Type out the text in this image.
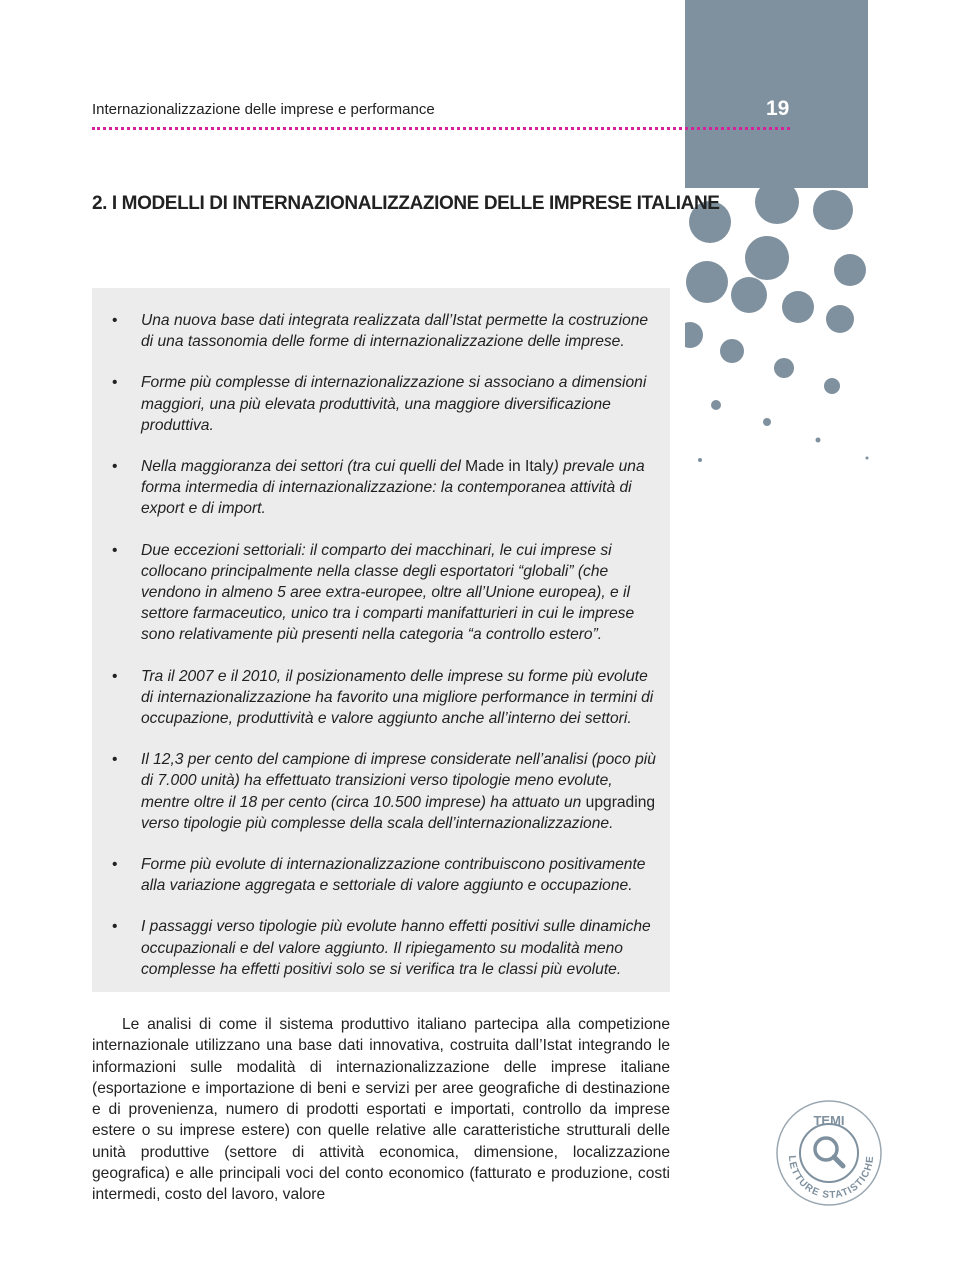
Internazionalizzazione delle imprese e performance	19
2. I MODELLI DI INTERNAZIONALIZZAZIONE DELLE IMPRESE ITALIANE
• Una nuova base dati integrata realizzata dall’Istat permette la costruzione di una tassonomia delle forme di internazionalizzazione delle imprese.
• Forme più complesse di internazionalizzazione si associano a dimensioni maggiori, una più elevata produttività, una maggiore diversificazione produttiva.
• Nella maggioranza dei settori (tra cui quelli del Made in Italy) prevale una forma intermedia di internazionalizzazione: la contemporanea attività di export e di import.
• Due eccezioni settoriali: il comparto dei macchinari, le cui imprese si collocano principalmente nella classe degli esportatori “globali” (che vendono in almeno 5 aree extra-europee, oltre all’Unione europea), e il settore farmaceutico, unico tra i comparti manifatturieri in cui le imprese sono relativamente più presenti nella categoria “a controllo estero”.
• Tra il 2007 e il 2010, il posizionamento delle imprese su forme più evolute di internazionalizzazione ha favorito una migliore performance in termini di occupazione, produttività e valore aggiunto anche all’interno dei settori.
• Il 12,3 per cento del campione di imprese considerate nell’analisi (poco più di 7.000 unità) ha effettuato transizioni verso tipologie meno evolute, mentre oltre il 18 per cento (circa 10.500 imprese) ha attuato un upgrading verso tipologie più complesse della scala dell’internazionalizzazione.
• Forme più evolute di internazionalizzazione contribuiscono positivamente alla variazione aggregata e settoriale di valore aggiunto e occupazione.
• I passaggi verso tipologie più evolute hanno effetti positivi sulle dinamiche occupazionali e del valore aggiunto. Il ripiegamento su modalità meno complesse ha effetti positivi solo se si verifica tra le classi più evolute.

Le analisi di come il sistema produttivo italiano partecipa alla competizione internazionale utilizzano una base dati innovativa, costruita dall’Istat integrando le informazioni sulle modalità di internazionalizzazione delle imprese italiane (esportazione e importazione di beni e servizi per aree geografiche di destinazione e di provenienza, numero di prodotti esportati e importati, controllo da imprese estere o su imprese estere) con quelle relative alle caratteristiche strutturali delle unità produttive (settore di attività economica, dimensione, localizzazione geografica) e alle principali voci del conto economico (fatturato e produzione, costi intermedi, costo del lavoro, valore

TEMI
LETTURE STATISTICHE
